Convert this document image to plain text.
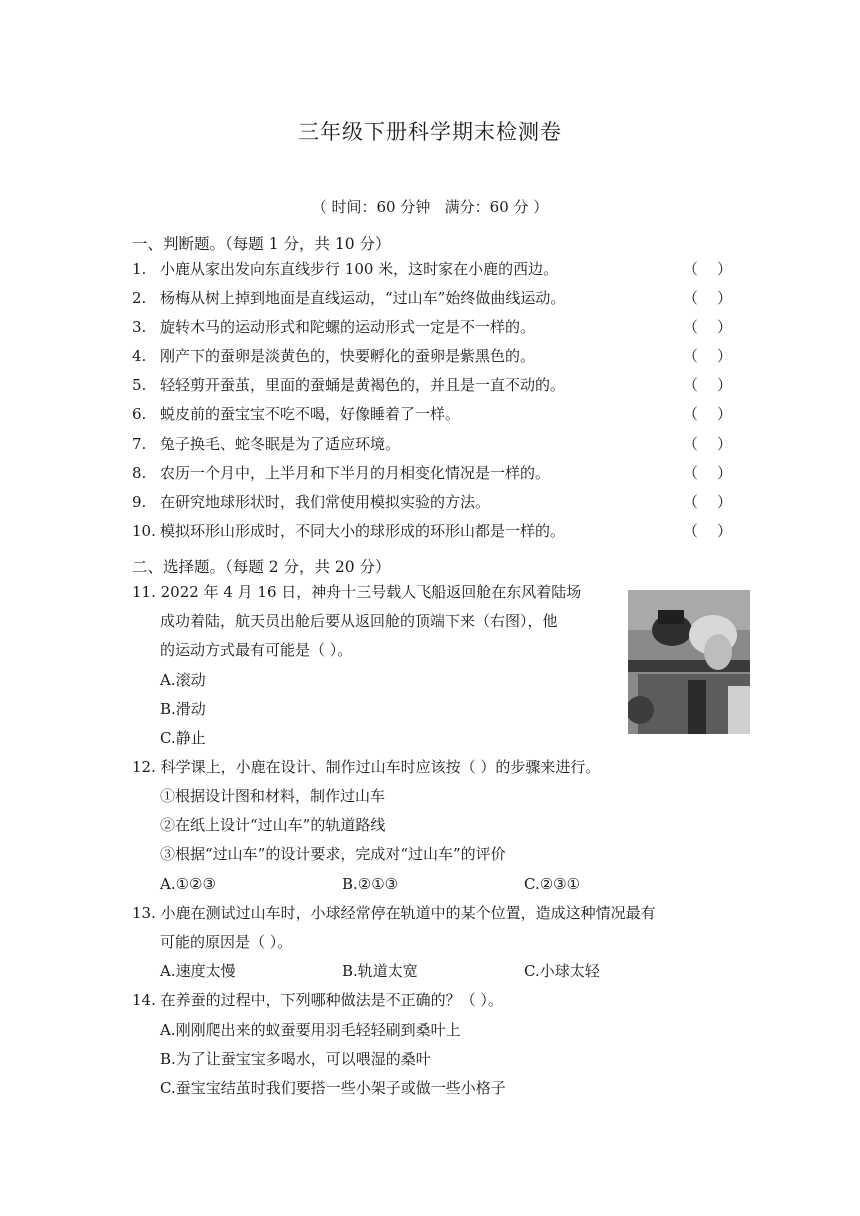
三年级下册科学期末检测卷
（ 时间：60 分钟   满分：60 分 ）
一、判断题。（每题 1 分，共 10 分）
1. 小鹿从家出发向东直线步行 100 米，这时家在小鹿的西边。	（    ）
2. 杨梅从树上掉到地面是直线运动，“过山车”始终做曲线运动。	（    ）
3. 旋转木马的运动形式和陀螺的运动形式一定是不一样的。	（    ）
4. 刚产下的蚕卵是淡黄色的，快要孵化的蚕卵是紫黑色的。	（    ）
5. 轻轻剪开蚕茧，里面的蚕蛹是黄褐色的，并且是一直不动的。	（    ）
6. 蜕皮前的蚕宝宝不吃不喝，好像睡着了一样。	（    ）
7. 兔子换毛、蛇冬眠是为了适应环境。	（    ）
8. 农历一个月中，上半月和下半月的月相变化情况是一样的。	（    ）
9. 在研究地球形状时，我们常使用模拟实验的方法。	（    ）
10. 模拟环形山形成时，不同大小的球形成的环形山都是一样的。	（    ）
二、选择题。（每题 2 分，共 20 分）
11. 2022 年 4 月 16 日，神舟十三号载人飞船返回舱在东风着陆场
成功着陆，航天员出舱后要从返回舱的顶端下来（右图），他
的运动方式最有可能是（ ）。
A.滚动
B.滑动
C.静止
12. 科学课上，小鹿在设计、制作过山车时应该按（ ）的步骤来进行。
①根据设计图和材料，制作过山车
②在纸上设计“过山车”的轨道路线
③根据“过山车”的设计要求，完成对“过山车”的评价
A.①②③	B.②①③	C.②③①
13. 小鹿在测试过山车时，小球经常停在轨道中的某个位置，造成这种情况最有
可能的原因是（ ）。
A.速度太慢	B.轨道太宽	C.小球太轻
14. 在养蚕的过程中，下列哪种做法是不正确的？（ ）。
A.刚刚爬出来的蚁蚕要用羽毛轻轻刷到桑叶上
B.为了让蚕宝宝多喝水，可以喂湿的桑叶
C.蚕宝宝结茧时我们要搭一些小架子或做一些小格子
